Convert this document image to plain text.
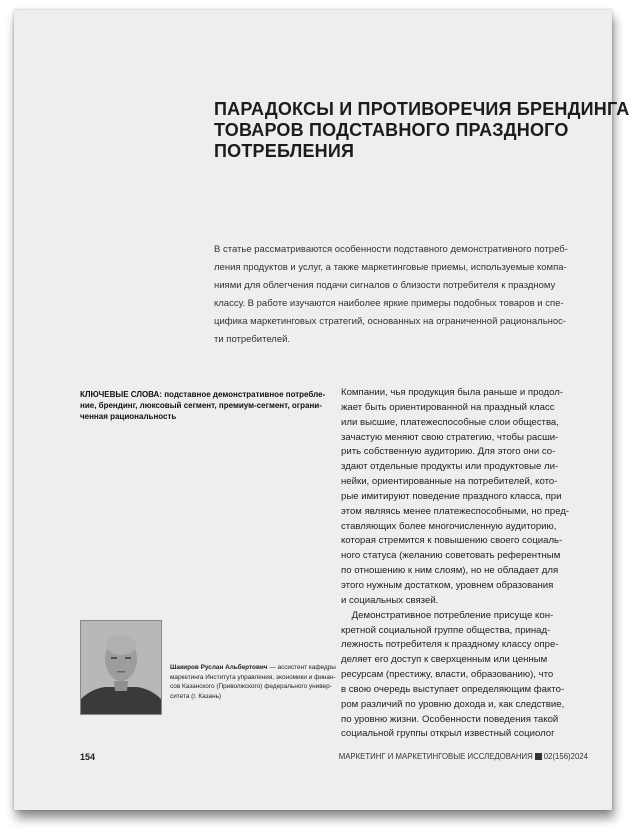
ПАРАДОКСЫ И ПРОТИВОРЕЧИЯ БРЕНДИНГА
ТОВАРОВ ПОДСТАВНОГО ПРАЗДНОГО
ПОТРЕБЛЕНИЯ
В статье рассматриваются особенности подставного демонстративного потреб-
ления продуктов и услуг, а также маркетинговые приемы, используемые компа-
ниями для облегчения подачи сигналов о близости потребителя к праздному
классу. В работе изучаются наиболее яркие примеры подобных товаров и спе-
цифика маркетинговых стратегий, основанных на ограниченной рациональнос-
ти потребителей.
КЛЮЧЕВЫЕ СЛОВА: подставное демонстративное потребле-
ние, брендинг, люксовый сегмент, премиум-сегмент, ограни-
ченная рациональность
Компании, чья продукция была раньше и продол-
жает быть ориентированной на праздный класс
или высшие, платежеспособные слои общества,
зачастую меняют свою стратегию, чтобы расши-
рить собственную аудиторию. Для этого они со-
здают отдельные продукты или продуктовые ли-
нейки, ориентированные на потребителей, кото-
рые имитируют поведение праздного класса, при
этом являясь менее платежеспособными, но пред-
ставляющих более многочисленную аудиторию,
которая стремится к повышению своего социаль-
ного статуса (желанию советовать референтным
по отношению к ним слоям), но не обладает для
этого нужным достатком, уровнем образования
и социальных связей.
Демонстративное потребление присуще кон-
кретной социальной группе общества, принад-
лежность потребителя к праздному классу опре-
деляет его доступ к сверхценным или ценным
ресурсам (престижу, власти, образованию), что
в свою очередь выступает определяющим фактo-
ром различий по уровню дохода и, как следствие,
по уровню жизни. Особенности поведения такой
социальной группы открыл известный социолог
Шакиров Руслан Альбертович — ассистент кафедры
маркетинга Института управления, экономики и финан-
сов Казанского (Приволжского) федерального универ-
ситета (г. Казань)
154	МАРКЕТИНГ И МАРКЕТИНГОВЫЕ ИССЛЕДОВАНИЯ 02(156)2024
